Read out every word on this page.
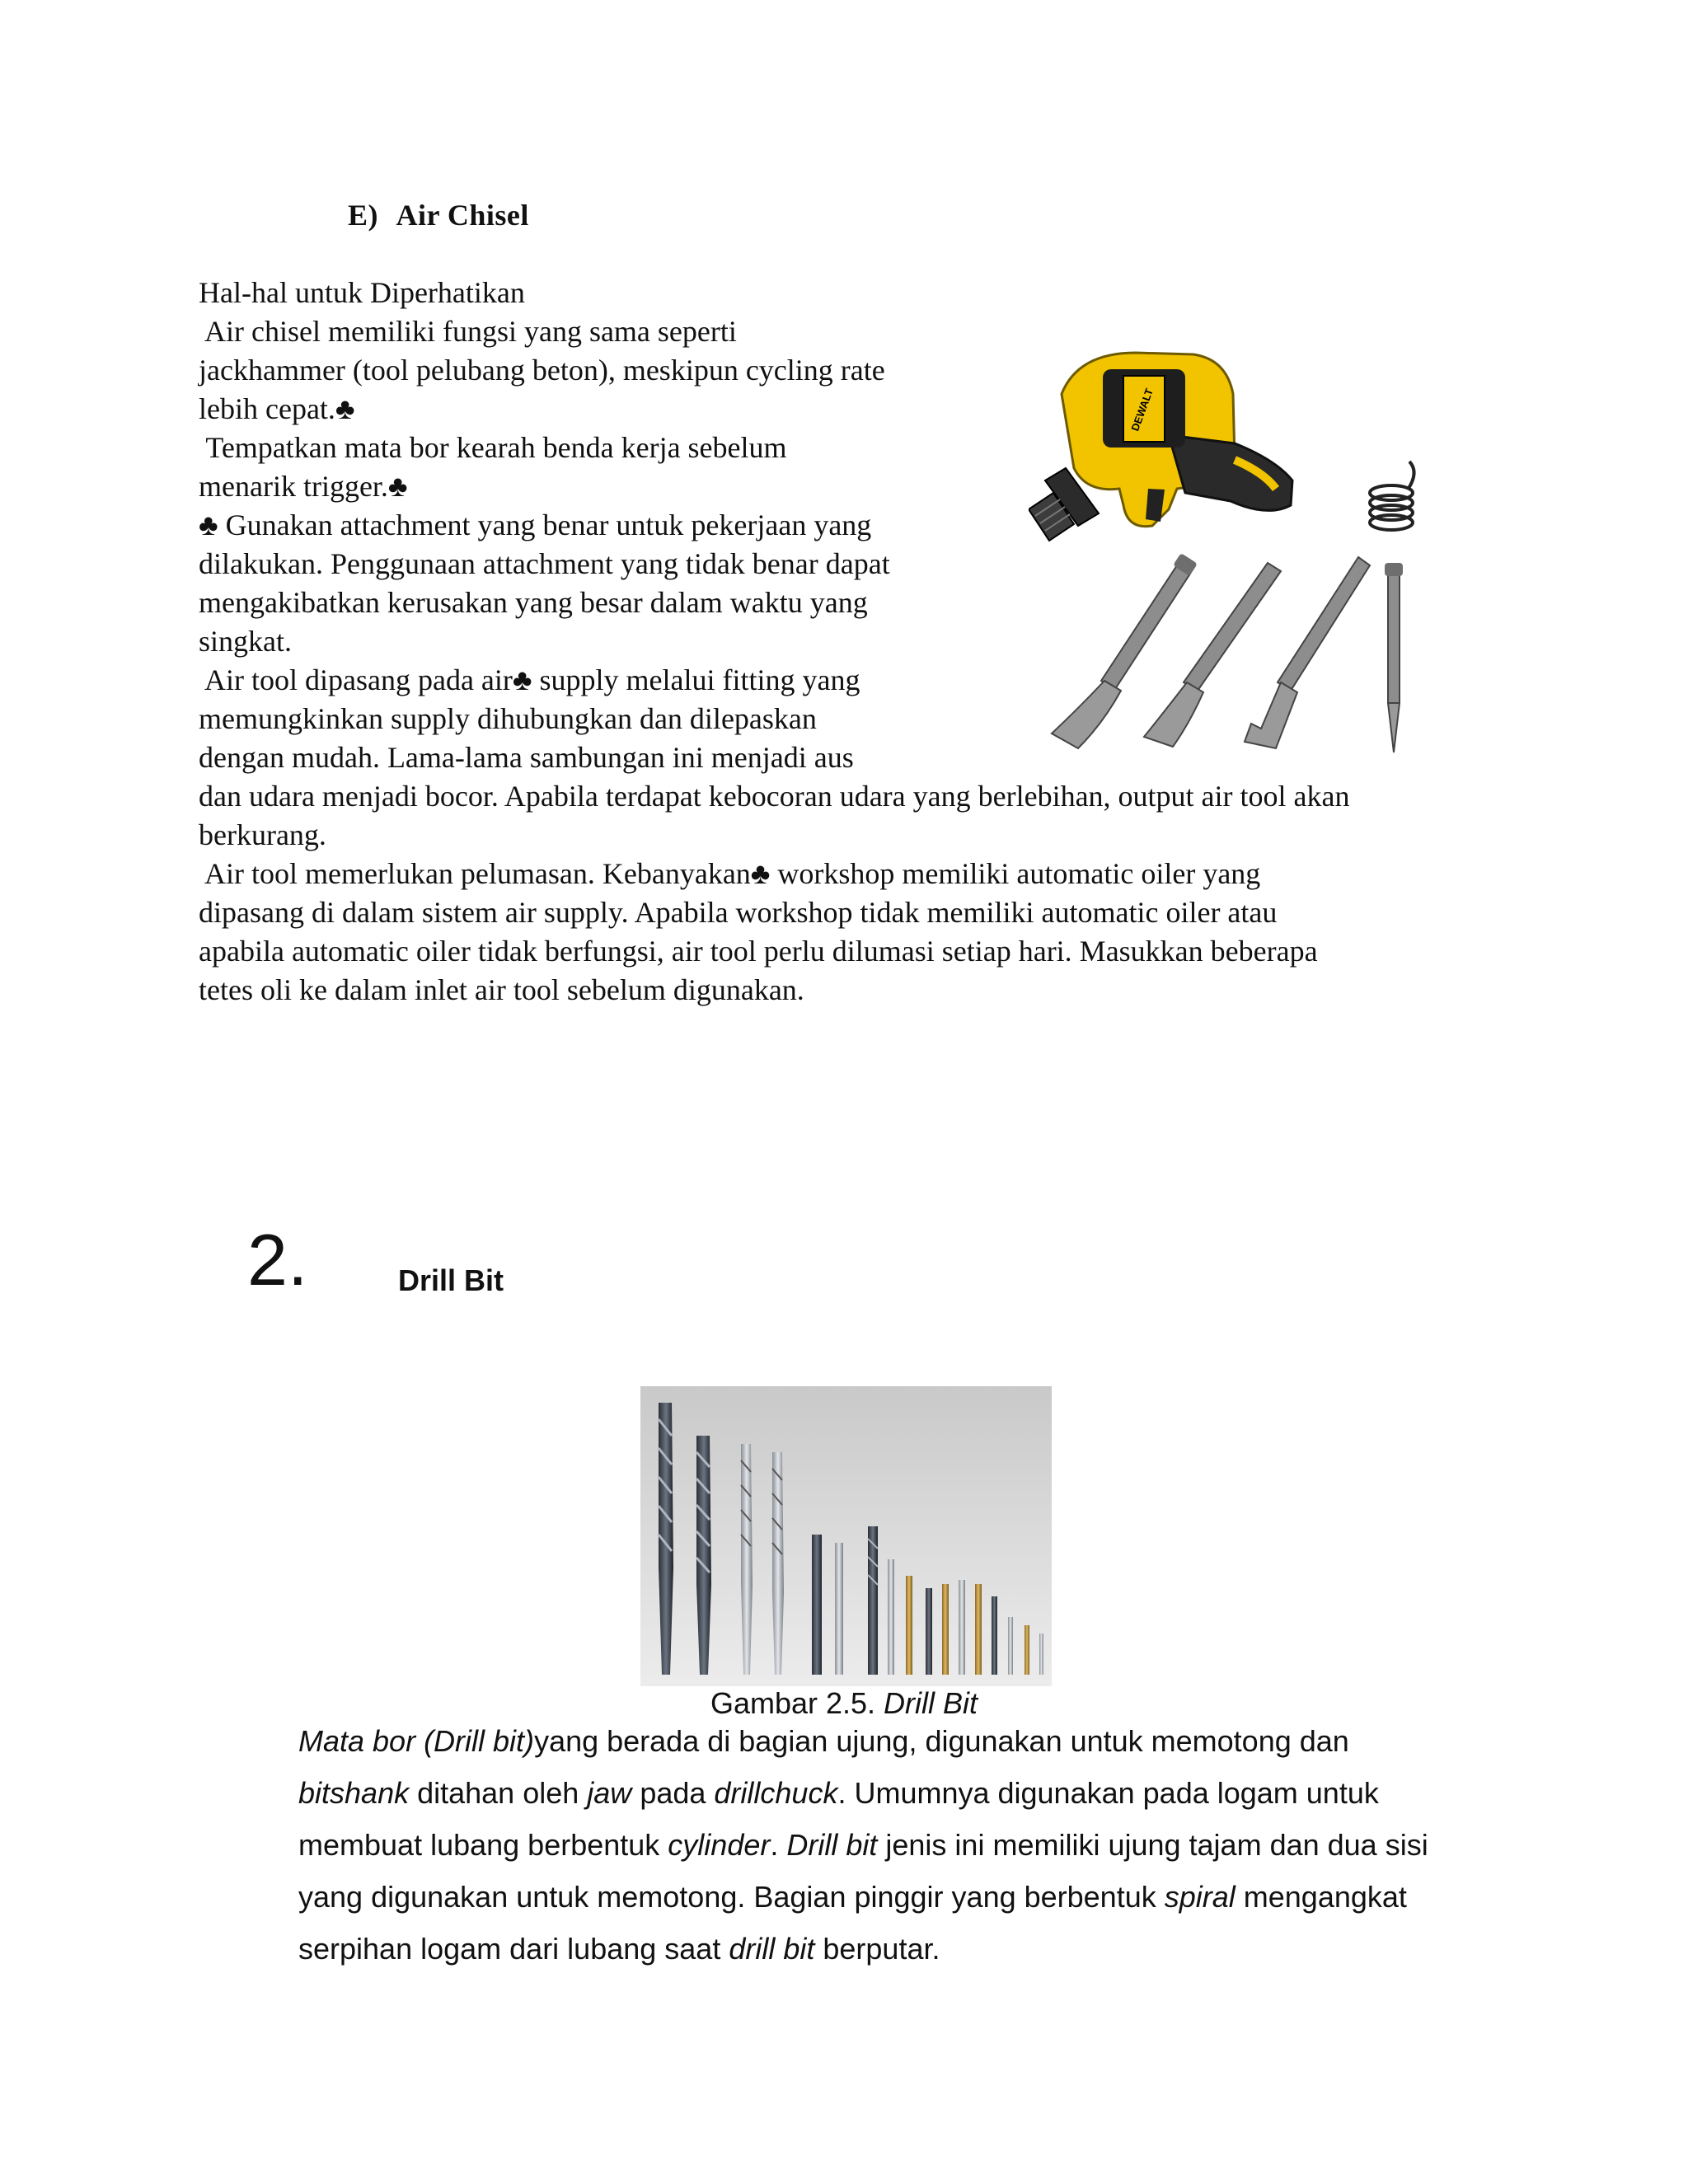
E) Air Chisel
Hal-hal untuk Diperhatikan
Air chisel memiliki fungsi yang sama seperti
jackhammer (tool pelubang beton), meskipun cycling rate
lebih cepat.♣
Tempatkan mata bor kearah benda kerja sebelum
menarik trigger.♣
♣ Gunakan attachment yang benar untuk pekerjaan yang
dilakukan. Penggunaan attachment yang tidak benar dapat
mengakibatkan kerusakan yang besar dalam waktu yang
singkat.
Air tool dipasang pada air♣ supply melalui fitting yang
memungkinkan supply dihubungkan dan dilepaskan
dengan mudah. Lama-lama sambungan ini menjadi aus
dan udara menjadi bocor. Apabila terdapat kebocoran udara yang berlebihan, output air tool akan
berkurang.
Air tool memerlukan pelumasan. Kebanyakan♣ workshop memiliki automatic oiler yang
dipasang di dalam sistem air supply. Apabila workshop tidak memiliki automatic oiler atau
apabila automatic oiler tidak berfungsi, air tool perlu dilumasi setiap hari. Masukkan beberapa
tetes oli ke dalam inlet air tool sebelum digunakan.
DEWALT
2.	Drill Bit
Gambar 2.5. Drill Bit
Mata bor (Drill bit)yang berada di bagian ujung, digunakan untuk memotong dan
bitshank ditahan oleh jaw pada drillchuck. Umumnya digunakan pada logam untuk
membuat lubang berbentuk cylinder. Drill bit jenis ini memiliki ujung tajam dan dua sisi
yang digunakan untuk memotong. Bagian pinggir yang berbentuk spiral mengangkat
serpihan logam dari lubang saat drill bit berputar.
